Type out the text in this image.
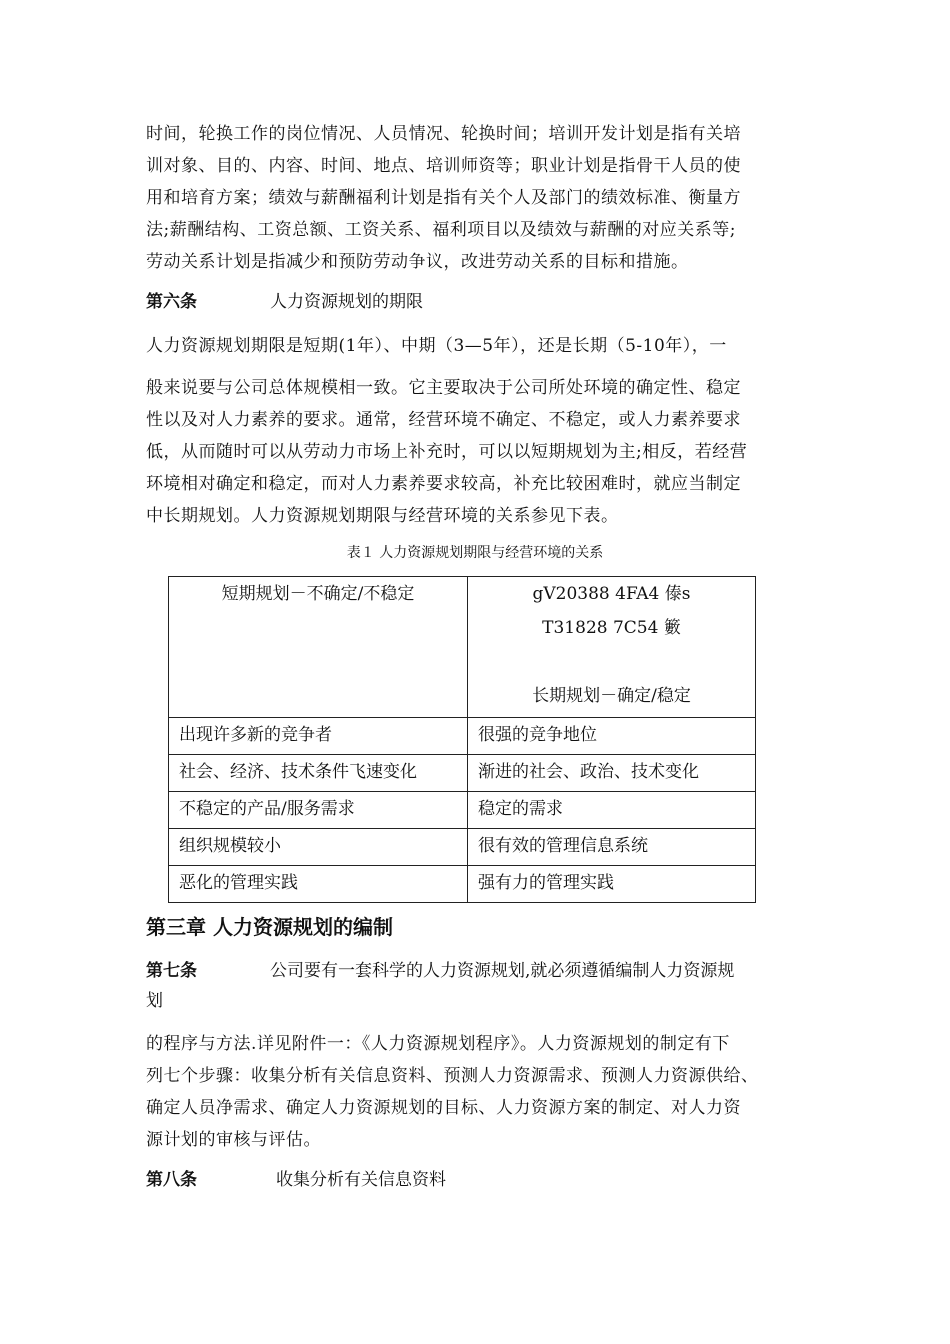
时间，轮换工作的岗位情况、人员情况、轮换时间；培训开发计划是指有关培
训对象、目的、内容、时间、地点、培训师资等；职业计划是指骨干人员的使
用和培育方案；绩效与薪酬福利计划是指有关个人及部门的绩效标准、衡量方
法;薪酬结构、工资总额、工资关系、福利项目以及绩效与薪酬的对应关系等;
劳动关系计划是指减少和预防劳动争议，改进劳动关系的目标和措施。
第六条	人力资源规划的期限
人力资源规划期限是短期(1年）、中期（3—5年），还是长期（5-10年），一
般来说要与公司总体规模相一致。它主要取决于公司所处环境的确定性、稳定
性以及对人力素养的要求。通常，经营环境不确定、不稳定，或人力素养要求
低，从而随时可以从劳动力市场上补充时，可以以短期规划为主;相反，若经营
环境相对确定和稳定，而对人力素养要求较高，补充比较困难时，就应当制定
中长期规划。人力资源规划期限与经营环境的关系参见下表。
表１ 人力资源规划期限与经营环境的关系
短期规划－不确定/不稳定	gV20388 4FA4 傣s
T31828 7C54 籔
长期规划－确定/稳定

出现许多新的竞争者	很强的竞争地位
社会、经济、技术条件飞速变化	渐进的社会、政治、技术变化
不稳定的产品/服务需求	稳定的需求
组织规模较小	很有效的管理信息系统
恶化的管理实践	强有力的管理实践
第三章 人力资源规划的编制
第七条	公司要有一套科学的人力资源规划,就必须遵循编制人力资源规
划
的程序与方法.详见附件一：《人力资源规划程序》。人力资源规划的制定有下
列七个步骤：收集分析有关信息资料、预测人力资源需求、预测人力资源供给、
确定人员净需求、确定人力资源规划的目标、人力资源方案的制定、对人力资
源计划的审核与评估。
第八条	收集分析有关信息资料
